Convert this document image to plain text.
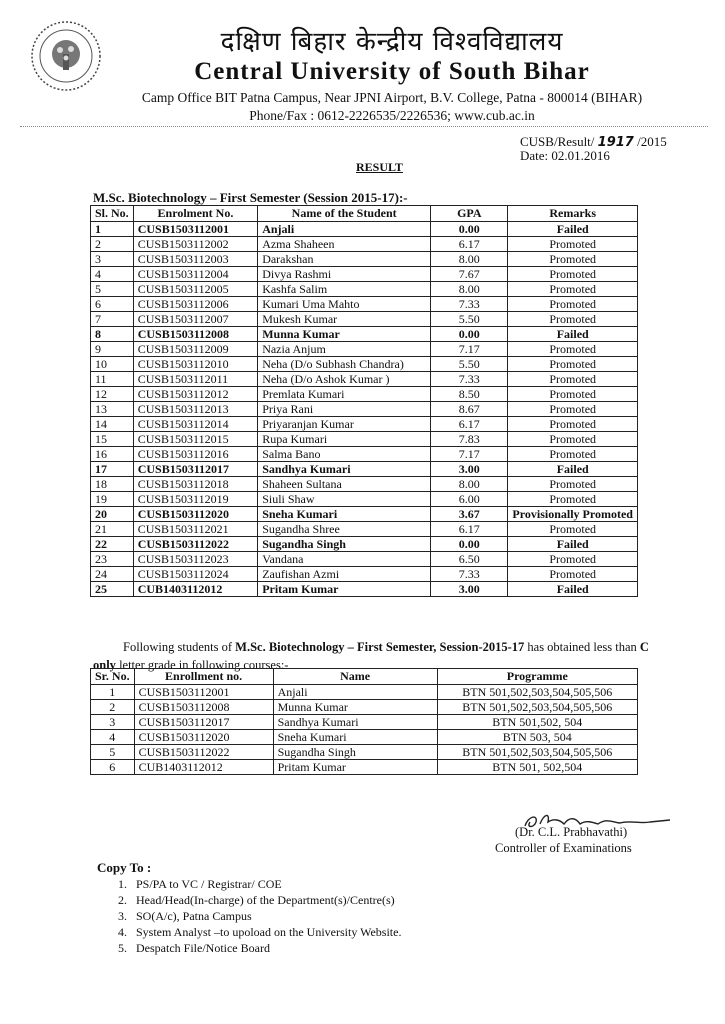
दक्षिण बिहार केन्द्रीय विश्वविद्यालय
Central University of South Bihar
Camp Office BIT Patna Campus, Near JPNI Airport, B.V. College, Patna - 800014 (BIHAR)
Phone/Fax : 0612-2226535/2226536; www.cub.ac.in
CUSB/Result/ 1917 /2015
Date: 02.01.2016
RESULT
M.Sc. Biotechnology – First Semester (Session 2015-17):-
Sl. No.	Enrolment No.	Name of the Student	GPA	Remarks
1	CUSB1503112001	Anjali	0.00	Failed
2	CUSB1503112002	Azma Shaheen	6.17	Promoted
3	CUSB1503112003	Darakshan	8.00	Promoted
4	CUSB1503112004	Divya Rashmi	7.67	Promoted
5	CUSB1503112005	Kashfa Salim	8.00	Promoted
6	CUSB1503112006	Kumari Uma Mahto	7.33	Promoted
7	CUSB1503112007	Mukesh Kumar	5.50	Promoted
8	CUSB1503112008	Munna Kumar	0.00	Failed
9	CUSB1503112009	Nazia Anjum	7.17	Promoted
10	CUSB1503112010	Neha (D/o Subhash Chandra)	5.50	Promoted
11	CUSB1503112011	Neha (D/o Ashok Kumar )	7.33	Promoted
12	CUSB1503112012	Premlata Kumari	8.50	Promoted
13	CUSB1503112013	Priya Rani	8.67	Promoted
14	CUSB1503112014	Priyaranjan Kumar	6.17	Promoted
15	CUSB1503112015	Rupa Kumari	7.83	Promoted
16	CUSB1503112016	Salma Bano	7.17	Promoted
17	CUSB1503112017	Sandhya Kumari	3.00	Failed
18	CUSB1503112018	Shaheen Sultana	8.00	Promoted
19	CUSB1503112019	Siuli Shaw	6.00	Promoted
20	CUSB1503112020	Sneha Kumari	3.67	Provisionally Promoted
21	CUSB1503112021	Sugandha Shree	6.17	Promoted
22	CUSB1503112022	Sugandha Singh	0.00	Failed
23	CUSB1503112023	Vandana	6.50	Promoted
24	CUSB1503112024	Zaufishan Azmi	7.33	Promoted
25	CUB1403112012	Pritam Kumar	3.00	Failed
Following students of M.Sc. Biotechnology – First Semester, Session-2015-17 has obtained less than C only letter grade in following courses:-
Sr. No.	Enrollment no.	Name	Programme
1	CUSB1503112001	Anjali	BTN 501,502,503,504,505,506
2	CUSB1503112008	Munna Kumar	BTN 501,502,503,504,505,506
3	CUSB1503112017	Sandhya Kumari	BTN 501,502, 504
4	CUSB1503112020	Sneha Kumari	BTN 503, 504
5	CUSB1503112022	Sugandha Singh	BTN 501,502,503,504,505,506
6	CUB1403112012	Pritam Kumar	BTN 501, 502,504
(Dr. C.L. Prabhavathi)
Controller of Examinations
Copy To :
1. PS/PA to VC / Registrar/ COE
2. Head/Head(In-charge) of the Department(s)/Centre(s)
3. SO(A/c), Patna Campus
4. System Analyst –to upoload on the University Website.
5. Despatch File/Notice Board
